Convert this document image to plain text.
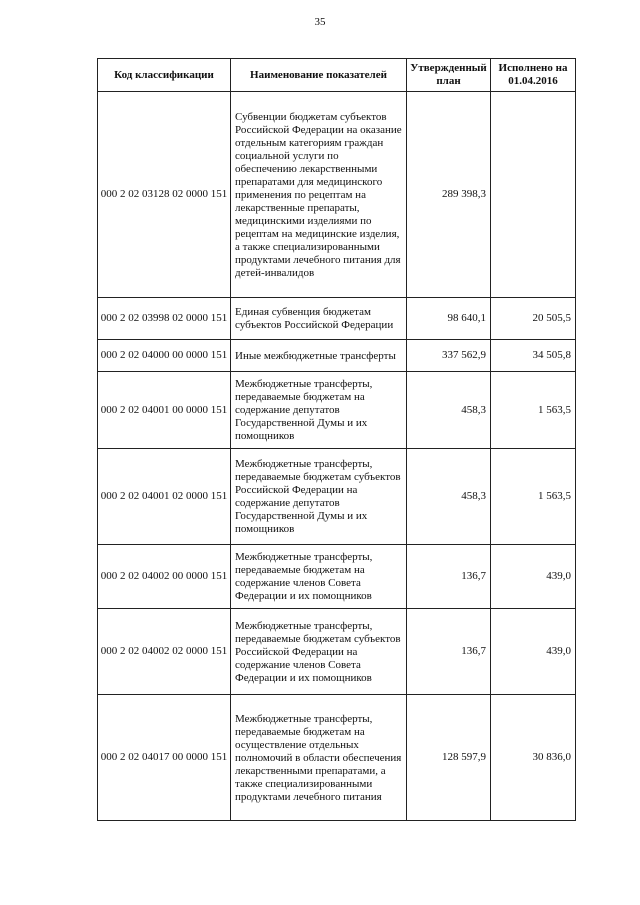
35
Код классификации	Наименование показателей	Утвержденный план	Исполнено на 01.04.2016
000 2 02 03128 02 0000 151	Субвенции бюджетам субъектов Российской Федерации на оказание отдельным категориям граждан социальной услуги по обеспечению лекарственными препаратами для медицинского применения по рецептам на лекарственные препараты, медицинскими изделиями по рецептам на медицинские изделия, а также специализированными продуктами лечебного питания для детей-инвалидов	289 398,3	
000 2 02 03998 02 0000 151	Единая субвенция бюджетам субъектов Российской Федерации	98 640,1	20 505,5
000 2 02 04000 00 0000 151	Иные межбюджетные трансферты	337 562,9	34 505,8
000 2 02 04001 00 0000 151	Межбюджетные трансферты, передаваемые бюджетам на содержание депутатов Государственной Думы и их помощников	458,3	1 563,5
000 2 02 04001 02 0000 151	Межбюджетные трансферты, передаваемые бюджетам субъектов Российской Федерации на содержание депутатов Государственной Думы и их помощников	458,3	1 563,5
000 2 02 04002 00 0000 151	Межбюджетные трансферты, передаваемые бюджетам на содержание членов Совета Федерации и их помощников	136,7	439,0
000 2 02 04002 02 0000 151	Межбюджетные трансферты, передаваемые бюджетам субъектов Российской Федерации на содержание членов Совета Федерации и их помощников	136,7	439,0
000 2 02 04017 00 0000 151	Межбюджетные трансферты, передаваемые бюджетам на осуществление отдельных полномочий в области обеспечения лекарственными препаратами, а также специализированными продуктами лечебного питания	128 597,9	30 836,0
